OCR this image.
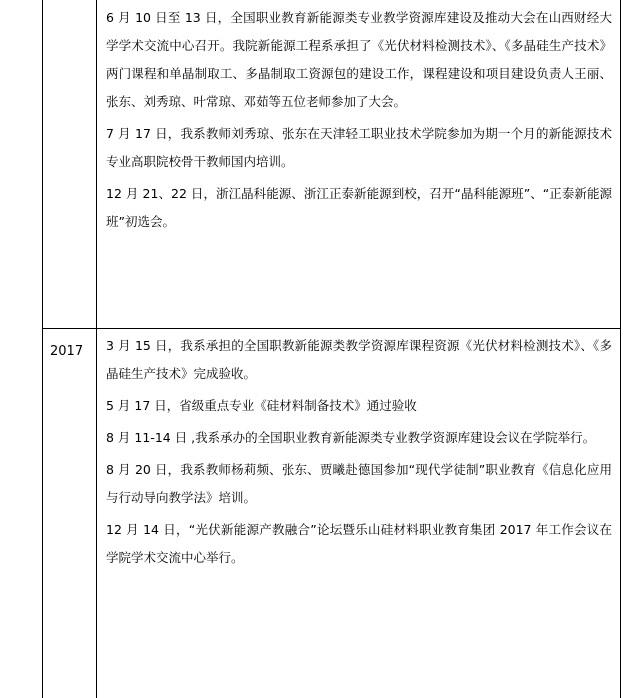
	6 月 10 日至 13 日，全国职业教育新能源类专业教学资源库建设及推动大会在山西财经大学学术交流中心召开。我院新能源工程系承担了《光伏材料检测技术》、《多晶硅生产技术》两门课程和单晶制取工、多晶制取工资源包的建设工作，课程建设和项目建设负责人王丽、张东、刘秀琼、叶常琼、邓茹等五位老师参加了大会。

7 月 17 日，我系教师刘秀琼、张东在天津轻工职业技术学院参加为期一个月的新能源技术专业高职院校骨干教师国内培训。

12 月 21、22 日，浙江晶科能源、浙江正泰新能源到校，召开“晶科能源班”、“正泰新能源班”初选会。

2017	3 月 15 日，我系承担的全国职教新能源类教学资源库课程资源《光伏材料检测技术》、《多晶硅生产技术》完成验收。

5 月 17 日，省级重点专业《硅材料制备技术》通过验收

8 月 11-14 日 ,我系承办的全国职业教育新能源类专业教学资源库建设会议在学院举行。

8 月 20 日，我系教师杨莉频、张东、贾曦赴德国参加“现代学徒制”职业教育《信息化应用与行动导向教学法》培训。

12 月 14 日，“光伏新能源产教融合”论坛暨乐山硅材料职业教育集团 2017 年工作会议在学院学术交流中心举行。
